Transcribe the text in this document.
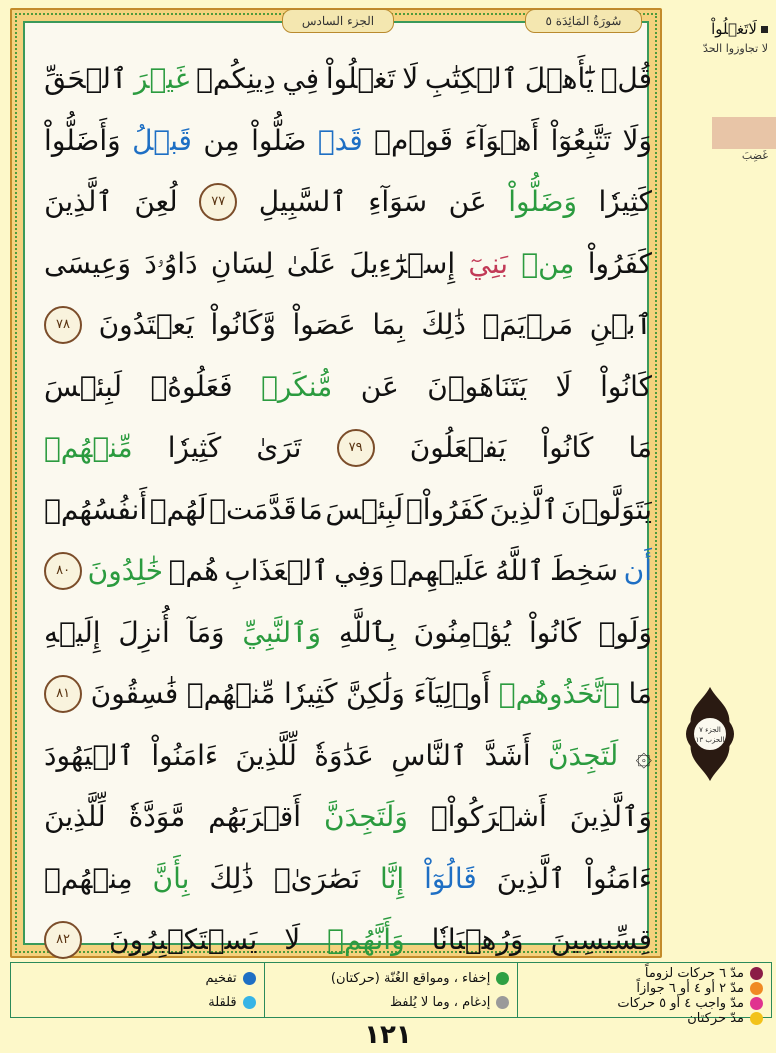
سُورَةُ المَائِدَة ٥
الجزء السادس
قُلۡ
يَٰٓأَهۡلَ
ٱلۡكِتَٰبِ
لَا
تَغۡلُواْ
فِي
دِينِكُمۡ
غَيۡرَ
ٱلۡحَقِّ
وَلَا
تَتَّبِعُوٓاْ
أَهۡوَآءَ
قَوۡمٖ
قَدۡ
ضَلُّواْ
مِن
قَبۡلُ
وَأَضَلُّواْ
كَثِيرٗا
وَضَلُّواْ
عَن
سَوَآءِ
ٱلسَّبِيلِ
٧٧
لُعِنَ
ٱلَّذِينَ
كَفَرُواْ
مِنۢ
بَنِيٓ
إِسۡرَٰٓءِيلَ
عَلَىٰ
لِسَانِ
دَاوُۥدَ
وَعِيسَى
ٱبۡنِ
مَرۡيَمَۚ
ذَٰلِكَ
بِمَا
عَصَواْ
وَّكَانُواْ
يَعۡتَدُونَ
٧٨
كَانُواْ
لَا
يَتَنَاهَوۡنَ
عَن
مُّنكَرٖ
فَعَلُوهُۚ
لَبِئۡسَ
مَا
كَانُواْ
يَفۡعَلُونَ
٧٩
تَرَىٰ
كَثِيرٗا
مِّنۡهُمۡ
يَتَوَلَّوۡنَ
ٱلَّذِينَ
كَفَرُواْۚ
لَبِئۡسَ
مَا
قَدَّمَتۡ
لَهُمۡ
أَنفُسُهُمۡ
أَن
سَخِطَ
ٱللَّهُ
عَلَيۡهِمۡ
وَفِي
ٱلۡعَذَابِ
هُمۡ
خَٰلِدُونَ
٨٠
وَلَوۡ
كَانُواْ
يُؤۡمِنُونَ
بِٱللَّهِ
وَٱلنَّبِيِّ
وَمَآ
أُنزِلَ
إِلَيۡهِ
مَا
ٱتَّخَذُوهُمۡ
أَوۡلِيَآءَ
وَلَٰكِنَّ
كَثِيرٗا
مِّنۡهُمۡ
فَٰسِقُونَ
٨١
۞
لَتَجِدَنَّ
أَشَدَّ
ٱلنَّاسِ
عَدَٰوَةٗ
لِّلَّذِينَ
ءَامَنُواْ
ٱلۡيَهُودَ
وَٱلَّذِينَ
أَشۡرَكُواْۖ
وَلَتَجِدَنَّ
أَقۡرَبَهُم
مَّوَدَّةٗ
لِّلَّذِينَ
ءَامَنُواْ
ٱلَّذِينَ
قَالُوٓاْ
إِنَّا
نَصَٰرَىٰۚ
ذَٰلِكَ
بِأَنَّ
مِنۡهُمۡ
قِسِّيسِينَ
وَرُهۡبَانٗا
وَأَنَّهُمۡ
لَا
يَسۡتَكۡبِرُونَ
٨٢
لَاتَغۡلُواْ
لا تجاوزوا الحدّ
غَضِبَ
الجزء ٧
الحزب ١٣
مدّ ٦ حركات لزوماً
مدّ ٢ أو ٤ أو ٦ جوازاً
مدّ واجب ٤ أو ٥ حركات
مدّ حركتان
إخفاء ، ومواقع الغُنّة (حركتان)
إدغام ، وما لا يُلفظ
تفخيم
قلقلة
١٢١
